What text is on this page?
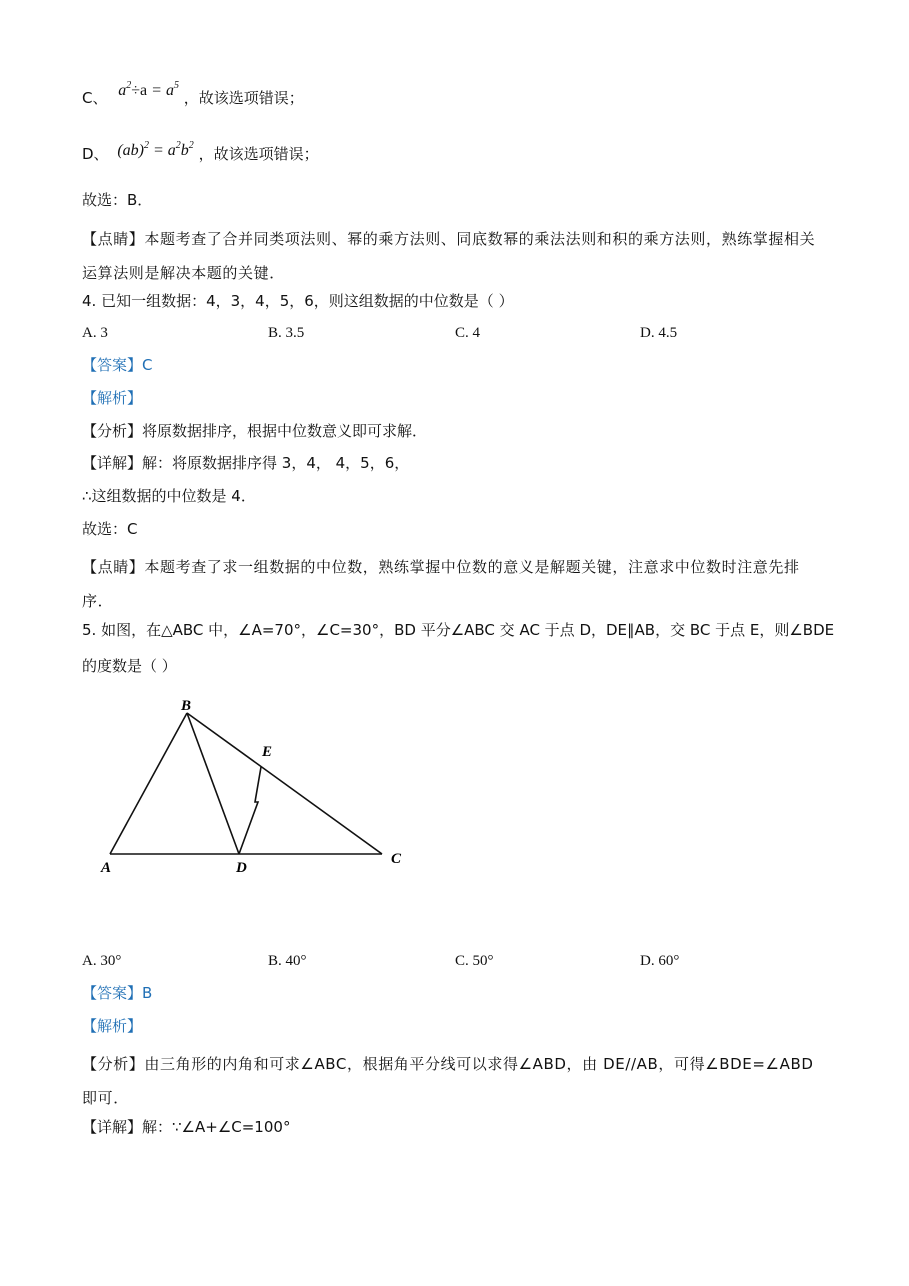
C、 $a^2\div a = a^5$ ，故该选项错误；
D、 $(ab)^2 = a^2b^2$ ，故该选项错误；
故选：B．
【点睛】本题考查了合并同类项法则、幂的乘方法则、同底数幂的乘法法则和积的乘方法则，熟练掌握相关运算法则是解决本题的关键．
4. 已知一组数据：4，3，4，5，6，则这组数据的中位数是（ ）
A. 3	B. 3.5	C. 4	D. 4.5
【答案】C
【解析】
【分析】将原数据排序，根据中位数意义即可求解．
【详解】解：将原数据排序得 3，4， 4，5，6，
∴这组数据的中位数是 4．
故选：C
【点睛】本题考查了求一组数据的中位数，熟练掌握中位数的意义是解题关键，注意求中位数时注意先排序．
5. 如图，在△ABC 中，∠A=70°，∠C=30°，BD 平分∠ABC 交 AC 于点 D，DE∥AB，交 BC 于点 E，则∠BDE
的度数是（ ）
B
E
A	D
C
A. 30°	B. 40°	C. 50°	D. 60°
【答案】B
【解析】
【分析】由三角形的内角和可求∠ABC，根据角平分线可以求得∠ABD，由 DE//AB，可得∠BDE=∠ABD 即可．
【详解】解：∵∠A+∠C=100°
